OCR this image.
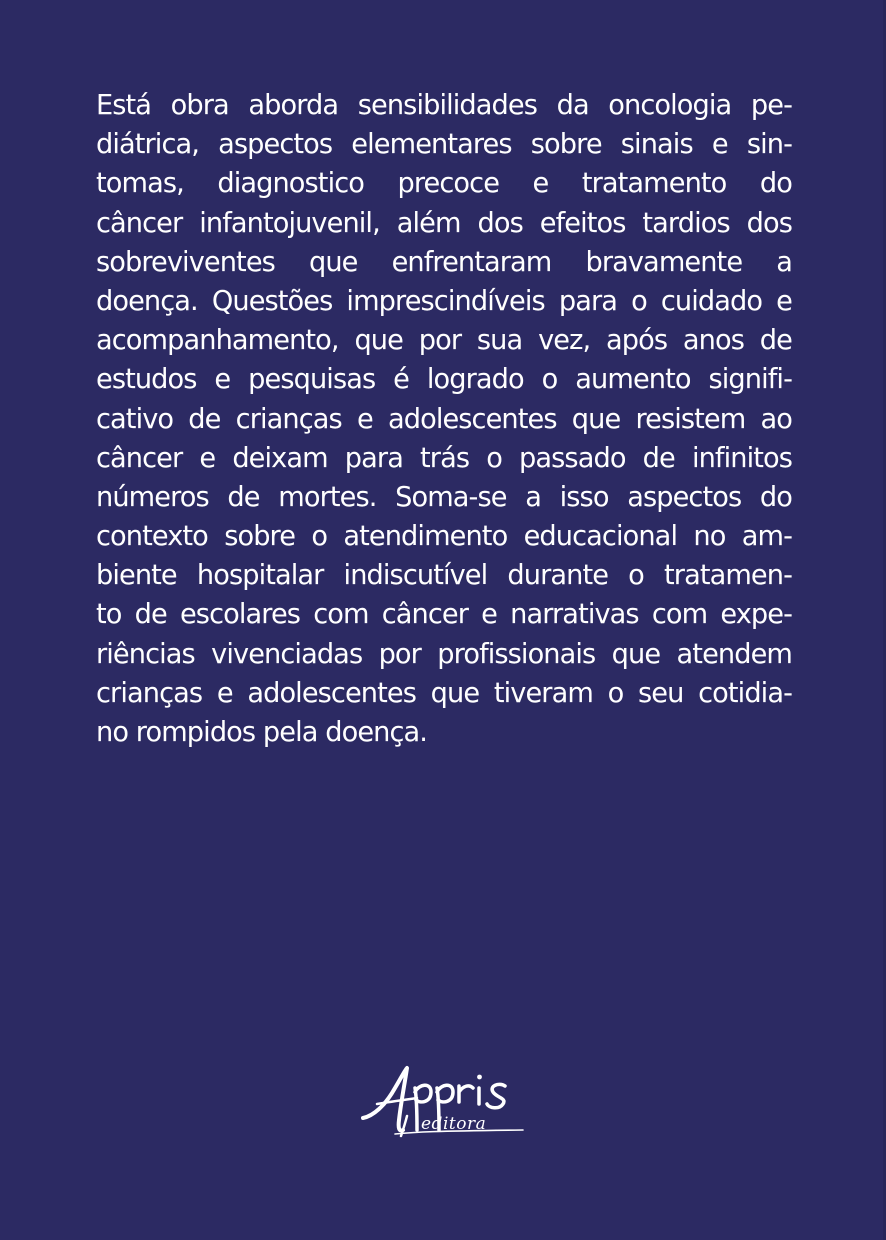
Está obra aborda sensibilidades da oncologia pe-
diátrica, aspectos elementares sobre sinais e sin-
tomas, diagnostico precoce e tratamento do
câncer infantojuvenil, além dos efeitos tardios dos
sobreviventes que enfrentaram bravamente a
doença. Questões imprescindíveis para o cuidado e
acompanhamento, que por sua vez, após anos de
estudos e pesquisas é logrado o aumento signifi-
cativo de crianças e adolescentes que resistem ao
câncer e deixam para trás o passado de infinitos
números de mortes. Soma-se a isso aspectos do
contexto sobre o atendimento educacional no am-
biente hospitalar indiscutível durante o tratamen-
to de escolares com câncer e narrativas com expe-
riências vivenciadas por profissionais que atendem
crianças e adolescentes que tiveram o seu cotidia-
no rompidos pela doença.
editora
